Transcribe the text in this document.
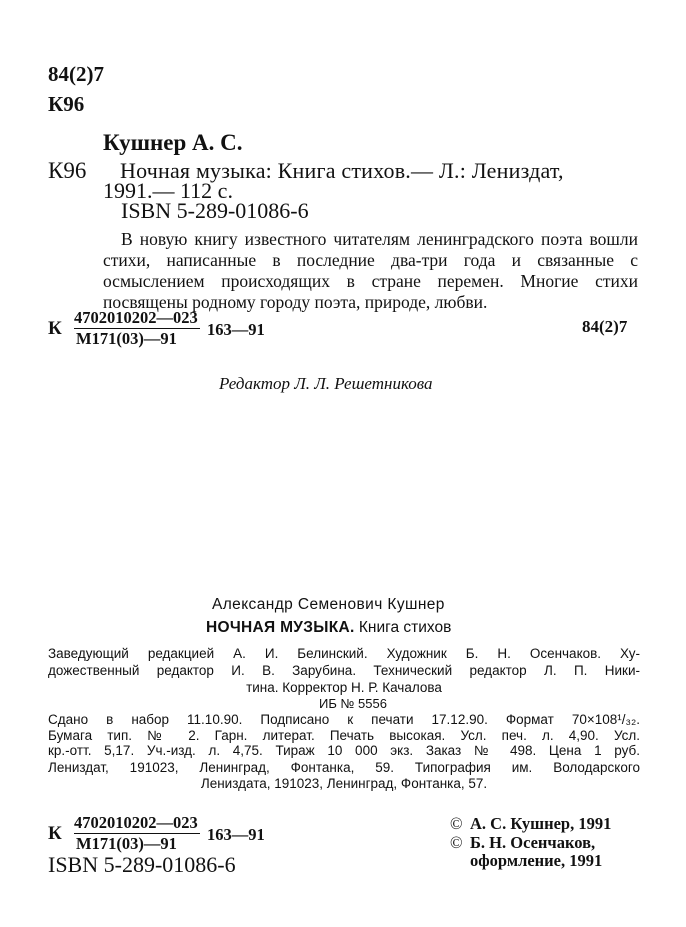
84(2)7
К96
Кушнер А. С.
К96 Ночная музыка: Книга стихов.— Л.: Лениздат,
1991.— 112 с.
ISBN 5-289-01086-6

В новую книгу известного читателям ленинградского поэта вошли стихи, написанные в последние два-три года и связанные с осмыслением происходящих в стране перемен. Многие стихи посвящены родному городу поэта, природе, любви.

К
4702010202—023
М171(03)—91 163—91	84(2)7
Редактор Л. Л. Решетникова
Александр Семенович Кушнер
НОЧНАЯ МУЗЫКА. Книга стихов
Заведующий редакцией А. И. Белинский. Художник Б. Н. Осенчаков. Ху-
дожественный редактор И. В. Зарубина. Технический редактор Л. П. Ники-
тина. Корректор Н. Р. Качалова
ИБ № 5556
Сдано в набор 11.10.90. Подписано к печати 17.12.90. Формат 70×108¹/₃₂.
Бумага тип. № 2. Гарн. литерат. Печать высокая. Усл. печ. л. 4,90. Усл.
кр.-отт. 5,17. Уч.-изд. л. 4,75. Тираж 10 000 экз. Заказ № 498. Цена 1 руб.
Лениздат, 191023, Ленинград, Фонтанка, 59. Типография им. Володарского
Лениздата, 191023, Ленинград, Фонтанка, 57.
К
4702010202—023
М171(03)—91 163—91
ISBN 5-289-01086-6
© А. С. Кушнер, 1991
© Б. Н. Осенчаков,
оформление, 1991
